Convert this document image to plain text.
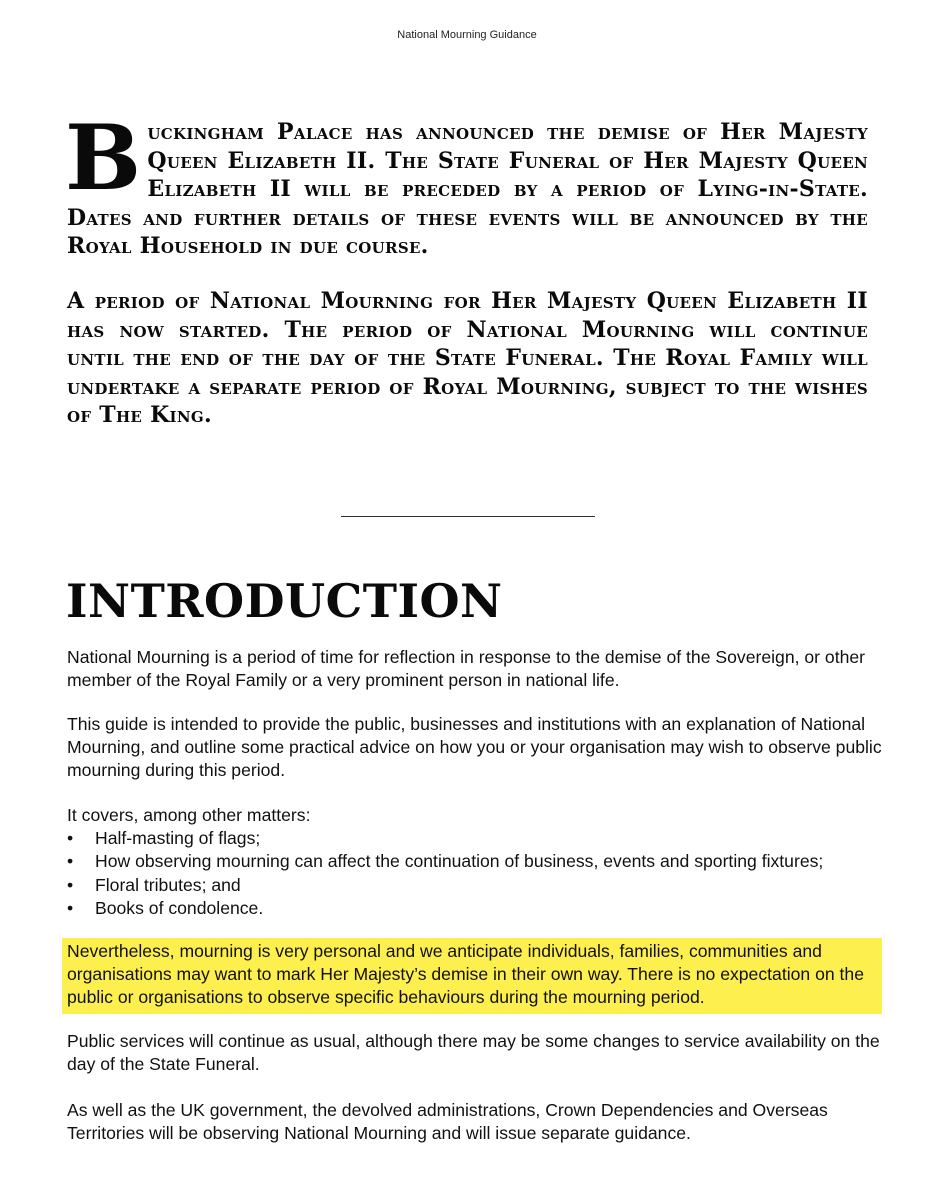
National Mourning Guidance
Buckingham Palace has announced the demise of Her Majesty Queen Elizabeth II. The State Funeral of Her Majesty Queen Elizabeth II will be preceded by a period of Lying-in-State. Dates and further details of these events will be announced by the Royal Household in due course.
A period of National Mourning for Her Majesty Queen Elizabeth II has now started. The period of National Mourning will continue until the end of the day of the State Funeral. The Royal Family will undertake a separate period of Royal Mourning, subject to the wishes of The King.
INTRODUCTION

National Mourning is a period of time for reflection in response to the demise of the Sovereign, or other member of the Royal Family or a very prominent person in national life.

This guide is intended to provide the public, businesses and institutions with an explanation of National Mourning, and outline some practical advice on how you or your organisation may wish to observe public mourning during this period.

It covers, among other matters:

• Half-masting of flags;
• How observing mourning can affect the continuation of business, events and sporting fixtures;
• Floral tributes; and
• Books of condolence.

Nevertheless, mourning is very personal and we anticipate individuals, families, communities and organisations may want to mark Her Majesty’s demise in their own way. There is no expectation on the public or organisations to observe specific behaviours during the mourning period.

Public services will continue as usual, although there may be some changes to service availability on the day of the State Funeral.

As well as the UK government, the devolved administrations, Crown Dependencies and Overseas Territories will be observing National Mourning and will issue separate guidance.
